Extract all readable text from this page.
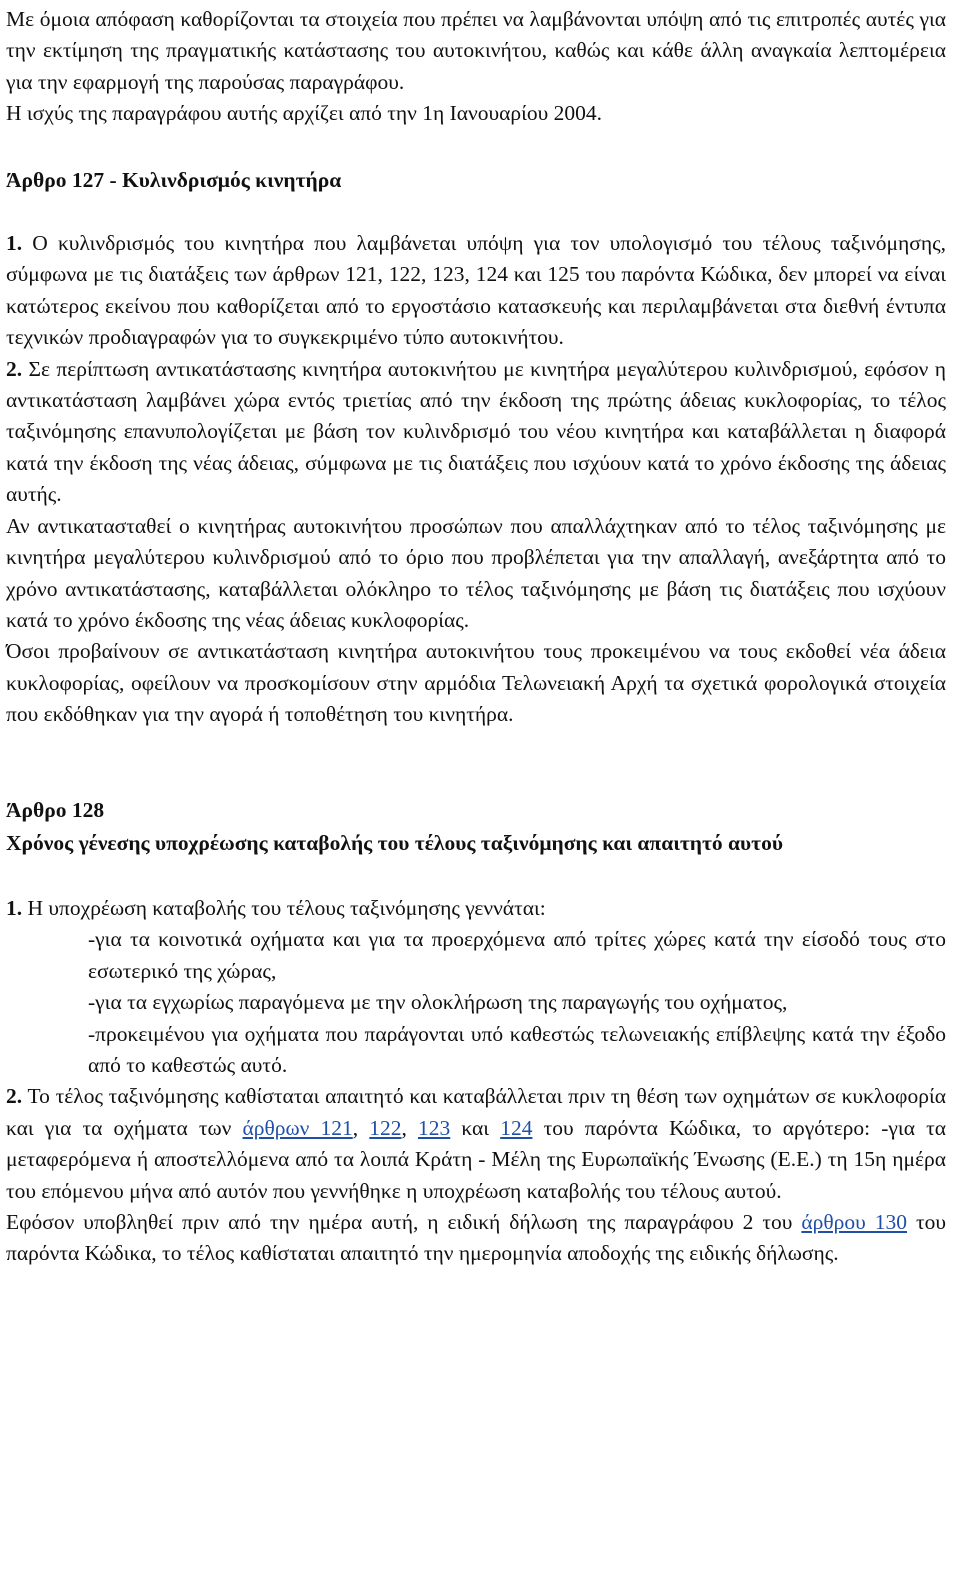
Με όμοια απόφαση καθορίζονται τα στοιχεία που πρέπει να λαμβάνονται υπόψη από τις επιτροπές αυτές για την εκτίμηση της πραγματικής κατάστασης του αυτοκινήτου, καθώς και κάθε άλλη αναγκαία λεπτομέρεια για την εφαρμογή της παρούσας παραγράφου.

Η ισχύς της παραγράφου αυτής αρχίζει από την 1η Ιανουαρίου 2004.

Άρθρο 127 - Κυλινδρισμός κινητήρα

1. Ο κυλινδρισμός του κινητήρα που λαμβάνεται υπόψη για τον υπολογισμό του τέλους ταξινόμησης, σύμφωνα με τις διατάξεις των άρθρων 121, 122, 123, 124 και 125 του παρόντα Κώδικα, δεν μπορεί να είναι κατώτερος εκείνου που καθορίζεται από το εργοστάσιο κατασκευής και περιλαμβάνεται στα διεθνή έντυπα τεχνικών προδιαγραφών για το συγκεκριμένο τύπο αυτοκινήτου.

2. Σε περίπτωση αντικατάστασης κινητήρα αυτοκινήτου με κινητήρα μεγαλύτερου κυλινδρισμού, εφόσον η αντικατάσταση λαμβάνει χώρα εντός τριετίας από την έκδοση της πρώτης άδειας κυκλοφορίας, το τέλος ταξινόμησης επανυπολογίζεται με βάση τον κυλινδρισμό του νέου κινητήρα και καταβάλλεται η διαφορά κατά την έκδοση της νέας άδειας, σύμφωνα με τις διατάξεις που ισχύουν κατά το χρόνο έκδοσης της άδειας αυτής.

Αν αντικατασταθεί ο κινητήρας αυτοκινήτου προσώπων που απαλλάχτηκαν από το τέλος ταξινόμησης με κινητήρα μεγαλύτερου κυλινδρισμού από το όριο που προβλέπεται για την απαλλαγή, ανεξάρτητα από το χρόνο αντικατάστασης, καταβάλλεται ολόκληρο το τέλος ταξινόμησης με βάση τις διατάξεις που ισχύουν κατά το χρόνο έκδοσης της νέας άδειας κυκλοφορίας.

Όσοι προβαίνουν σε αντικατάσταση κινητήρα αυτοκινήτου τους προκειμένου να τους εκδοθεί νέα άδεια κυκλοφορίας, οφείλουν να προσκομίσουν στην αρμόδια Τελωνειακή Αρχή τα σχετικά φορολογικά στοιχεία που εκδόθηκαν για την αγορά ή τοποθέτηση του κινητήρα.

Άρθρο 128
Χρόνος γένεσης υποχρέωσης καταβολής του τέλους ταξινόμησης και απαιτητό αυτού

1. Η υποχρέωση καταβολής του τέλους ταξινόμησης γεννάται:

-για τα κοινοτικά οχήματα και για τα προερχόμενα από τρίτες χώρες κατά την είσοδό τους στο εσωτερικό της χώρας,

-για τα εγχωρίως παραγόμενα με την ολοκλήρωση της παραγωγής του οχήματος,

-προκειμένου για οχήματα που παράγονται υπό καθεστώς τελωνειακής επίβλεψης κατά την έξοδο από το καθεστώς αυτό.

2. Το τέλος ταξινόμησης καθίσταται απαιτητό και καταβάλλεται πριν τη θέση των οχημάτων σε κυκλοφορία και για τα οχήματα των άρθρων 121, 122, 123 και 124 του παρόντα Κώδικα, το αργότερο: -για τα μεταφερόμενα ή αποστελλόμενα από τα λοιπά Κράτη - Μέλη της Ευρωπαϊκής Ένωσης (Ε.Ε.) τη 15η ημέρα του επόμενου μήνα από αυτόν που γεννήθηκε η υποχρέωση καταβολής του τέλους αυτού.

Εφόσον υποβληθεί πριν από την ημέρα αυτή, η ειδική δήλωση της παραγράφου 2 του άρθρου 130 του παρόντα Κώδικα, το τέλος καθίσταται απαιτητό την ημερομηνία αποδοχής της ειδικής δήλωσης.
